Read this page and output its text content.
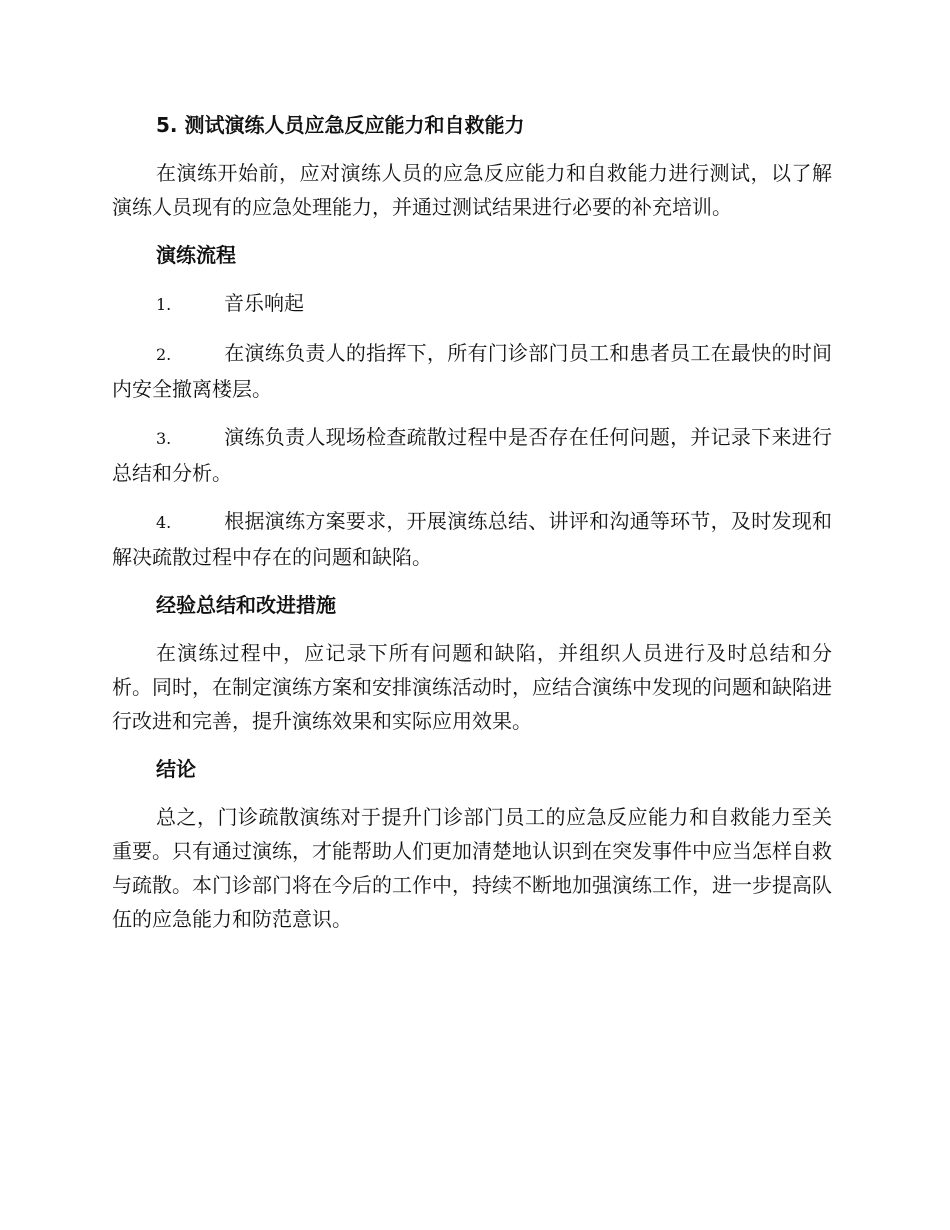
5. 测试演练人员应急反应能力和自救能力

在演练开始前，应对演练人员的应急反应能力和自救能力进行测试，以了解演练人员现有的应急处理能力，并通过测试结果进行必要的补充培训。

演练流程

1.	音乐响起

2.	在演练负责人的指挥下，所有门诊部门员工和患者员工在最快的时间内安全撤离楼层。

3.	演练负责人现场检查疏散过程中是否存在任何问题，并记录下来进行总结和分析。

4.	根据演练方案要求，开展演练总结、讲评和沟通等环节，及时发现和解决疏散过程中存在的问题和缺陷。

经验总结和改进措施

在演练过程中，应记录下所有问题和缺陷，并组织人员进行及时总结和分析。同时，在制定演练方案和安排演练活动时，应结合演练中发现的问题和缺陷进行改进和完善，提升演练效果和实际应用效果。

结论

总之，门诊疏散演练对于提升门诊部门员工的应急反应能力和自救能力至关重要。只有通过演练，才能帮助人们更加清楚地认识到在突发事件中应当怎样自救与疏散。本门诊部门将在今后的工作中，持续不断地加强演练工作，进一步提高队伍的应急能力和防范意识。
